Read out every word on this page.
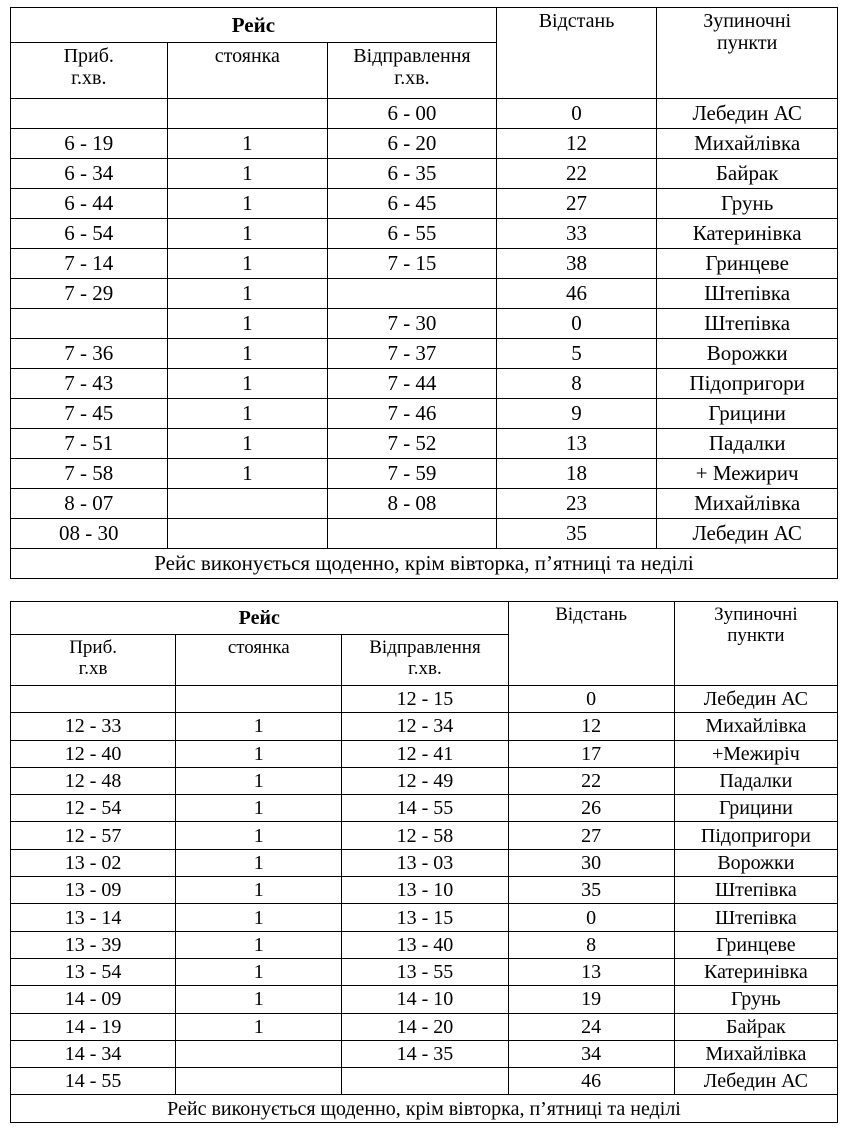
Рейс			Відстань	Зупиночні
пункти
Приб.
г.хв.	стоянка	Відправлення
г.хв.		
		6 - 00	0	Лебедин АС
6 - 19	1	6 - 20	12	Михайлівка
6 - 34	1	6 - 35	22	Байрак
6 - 44	1	6 - 45	27	Грунь
6 - 54	1	6 - 55	33	Катеринівка
7 - 14	1	7 - 15	38	Гринцеве
7 - 29	1		46	Штепівка
	1	7 - 30	0	Штепівка
7 - 36	1	7 - 37	5	Ворожки
7 - 43	1	7 - 44	8	Підопригори
7 - 45	1	7 - 46	9	Грицини
7 - 51	1	7 - 52	13	Падалки
7 - 58	1	7 - 59	18	+ Межирич
8 - 07		8 - 08	23	Михайлівка
08 - 30			35	Лебедин АС
Рейс виконується щоденно, крім вівторка, п’ятниці та неділі				
Рейс			Відстань	Зупиночні
пункти
Приб.
г.хв	стоянка	Відправлення
г.хв.		
		12 - 15	0	Лебедин АС
12 - 33	1	12 - 34	12	Михайлівка
12 - 40	1	12 - 41	17	+Межиріч
12 - 48	1	12 - 49	22	Падалки
12 - 54	1	14 - 55	26	Грицини
12 - 57	1	12 - 58	27	Підопригори
13 - 02	1	13 - 03	30	Ворожки
13 - 09	1	13 - 10	35	Штепівка
13 - 14	1	13 - 15	0	Штепівка
13 - 39	1	13 - 40	8	Гринцеве
13 - 54	1	13 - 55	13	Катеринівка
14 - 09	1	14 - 10	19	Грунь
14 - 19	1	14 - 20	24	Байрак
14 - 34		14 - 35	34	Михайлівка
14 - 55			46	Лебедин АС
Рейс виконується щоденно, крім вівторка, п’ятниці та неділі				
